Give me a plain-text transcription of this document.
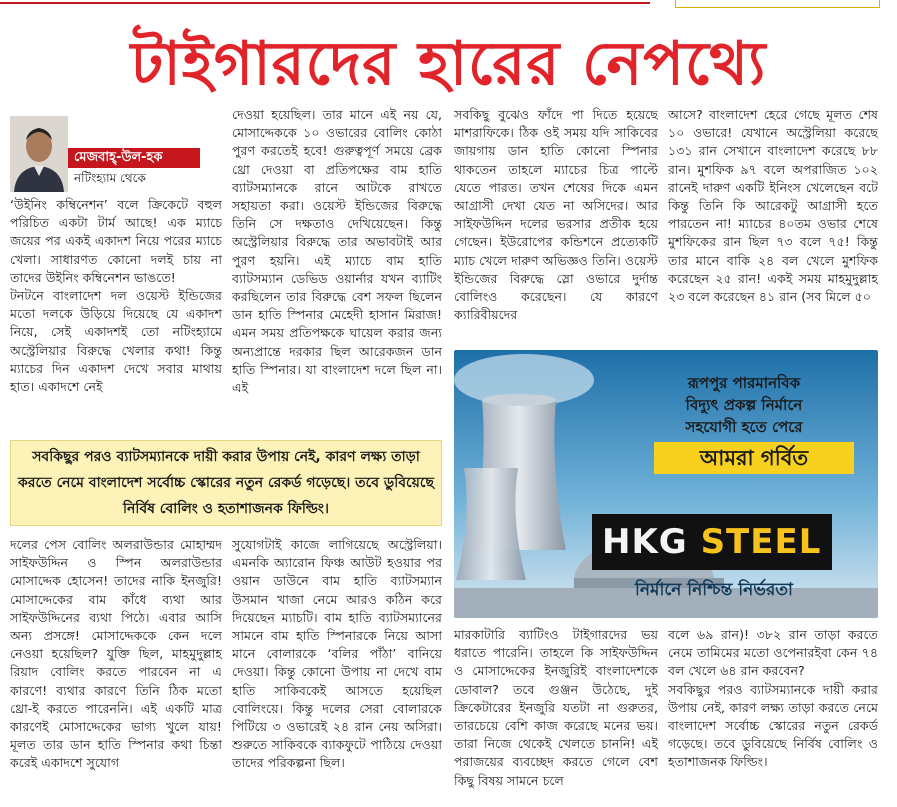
টাইগারদের হারের নেপথ্যে
মেজবাহ্-উল-হক
নটিংহ্যাম থেকে

‘উইনিং কম্বিনেশন’ বলে ক্রিকেটে বহুল পরিচিত একটা টার্ম আছে! এক ম্যাচে জয়ের পর একই একাদশ নিয়ে পরের ম্যাচে খেলা। সাধারণত কোনো দলই চায় না তাদের উইনিং কম্বিনেশন ভাঙতে!

টনটনে বাংলাদেশ দল ওয়েস্ট ইন্ডিজের মতো দলকে উড়িয়ে দিয়েছে যে একাদশ নিয়ে, সেই একাদশই তো নটিংহ্যামে অস্ট্রেলিয়ার বিরুদ্ধে খেলার কথা! কিন্তু ম্যাচের দিন একাদশ দেখে সবার মাথায় হাত। একাদশে নেই

দেওয়া হয়েছিল। তার মানে এই নয় যে, মোসাদ্দেককে ১০ ওভারের বোলিং কোঠা পুরণ করতেই হবে! গুরুত্বপূর্ণ সময়ে ব্রেক থ্রো দেওয়া বা প্রতিপক্ষের বাম হাতি ব্যাটসম্যানকে রানে আটকে রাখতে সহায়তা করা। ওয়েস্ট ইন্ডিজের বিরুদ্ধে তিনি সে দক্ষতাও দেখিয়েছেন। কিন্তু অস্ট্রেলিয়ার বিরুদ্ধে তার অভাবটাই আর পুরণ হয়নি। এই ম্যাচে বাম হাতি ব্যাটসম্যান ডেভিড ওয়ার্নার যখন ব্যাটিং করছিলেন তার বিরুদ্ধে বেশ সফল ছিলেন ডান হাতি স্পিনার মেহেদী হাসান মিরাজ! এমন সময় প্রতিপক্ষকে ঘায়েল করার জন্য অন্যপ্রান্তে দরকার ছিল আরেকজন ডান হাতি স্পিনার। যা বাংলাদেশ দলে ছিল না। এই

সবকিছু বুঝেও ফাঁদে পা দিতে হয়েছে মাশরাফিকে। ঠিক ওই সময় যদি সাকিবের জায়গায় ডান হাতি কোনো স্পিনার থাকতেন তাহলে ম্যাচের চিত্র পাল্টে যেতে পারত। তখন শেষের দিকে এমন আগ্রাসী দেখা যেত না অসিদের। আর সাইফউদ্দিন দলের ভরসার প্রতীক হয়ে গেছেন। ইউরোপের কন্ডিশনে প্রত্যেকটি ম্যাচ খেলে দারুণ অভিজ্ঞও তিনি। ওয়েস্ট ইন্ডিজের বিরুদ্ধে স্লো ওভারে দুর্দান্ত বোলিংও করেছেন। যে কারণে ক্যারিবীয়দের

আসে? বাংলাদেশ হেরে গেছে মূলত শেষ ১০ ওভারে! যেখানে অস্ট্রেলিয়া করেছে ১৩১ রান সেখানে বাংলাদেশ করেছে ৮৮ রান। মুশফিক ৯৭ বলে অপরাজিত ১০২ রানেই দারুণ একটি ইনিংস খেলেছেন বটে কিন্তু তিনি কি আরেকটু আগ্রাসী হতে পারতেন না! ম্যাচের ৪০তম ওভার শেষে মুশফিকের রান ছিল ৭৩ বলে ৭৫! কিন্তু তার মানে বাকি ২৪ বল খেলে মুশফিক করেছেন ২৫ রান! একই সময় মাহমুদুল্লাহ ২৩ বলে করেছেন ৪১ রান (সব মিলে ৫০

সবকিছুর পরও ব্যাটসম্যানকে দায়ী করার উপায় নেই, কারণ লক্ষ্য তাড়া করতে নেমে বাংলাদেশ সর্বোচ্চ স্কোরের নতুন রেকর্ড গড়েছে। তবে ডুবিয়েছে নির্বিষ বোলিং ও হতাশাজনক ফিল্ডিং।

দলের পেস বোলিং অলরাউন্ডার মোহাম্মদ সাইফউদ্দিন ও স্পিন অলরাউন্ডার মোসাদ্দেক হোসেন! তাদের নাকি ইনজুরি! মোসাদ্দেকের বাম কাঁধে ব্যথা আর সাইফউদ্দিনের ব্যথা পিঠে। এবার আসি অন্য প্রসঙ্গে! মোসাদ্দেককে কেন দলে নেওয়া হয়েছিল? যুক্তি ছিল, মাহমুদুল্লাহ রিয়াদ বোলিং করতে পারবেন না এ কারণে! ব্যথার কারণে তিনি ঠিক মতো থ্রো-ই করতে পারেননি। এই একটি মাত্র কারণেই মোসাদ্দেকের ভাগ্য খুলে যায়! মূলত তার ডান হাতি স্পিনার কথা চিন্তা করেই একাদশে সুযোগ

সুযোগটাই কাজে লাগিয়েছে অস্ট্রেলিয়া। এমনকি অ্যারোন ফিঞ্চ আউট হওয়ার পর ওয়ান ডাউনে বাম হাতি ব্যাটসম্যান উসমান খাজা নেমে আরও কঠিন করে দিয়েছেন ম্যাচটি। বাম হাতি ব্যাটসম্যানের সামনে বাম হাতি স্পিনারকে নিয়ে আসা মানে বোলারকে ‘বলির পাঁঠা’ বানিয়ে দেওয়া। কিন্তু কোনো উপায় না দেখে বাম হাতি সাকিবকেই আসতে হয়েছিল বোলিংয়ে। কিন্তু দলের সেরা বোলারকে পিটিয়ে ৩ ওভারেই ২৪ রান নেয় অসিরা। শুরুতে সাকিবকে ব্যাকফুটে পাঠিয়ে দেওয়া তাদের পরিকল্পনা ছিল।

মারকাটারি ব্যাটিংও টাইগারদের ভয় ধরাতে পারেনি। তাহলে কি সাইফউদ্দিন ও মোসাদ্দেকের ইনজুরিই বাংলাদেশকে ডোবাল? তবে গুঞ্জন উঠেছে, দুই ক্রিকেটারের ইনজুরি যতটা না গুরুতর, তারচেয়ে বেশি কাজ করেছে মনের ভয়। তারা নিজে থেকেই খেলতে চাননি! এই পরাজয়ের ব্যবচ্ছেদ করতে গেলে বেশ কিছু বিষয় সামনে চলে

বলে ৬৯ রান)! ৩৮২ রান তাড়া করতে নেমে তামিমের মতো ওপেনারইবা কেন ৭৪ বল খেলে ৬৪ রান করবেন?

সবকিছুর পরও ব্যাটসম্যানকে দায়ী করার উপায় নেই, কারণ লক্ষ্য তাড়া করতে নেমে বাংলাদেশ সর্বোচ্চ স্কোরের নতুন রেকর্ড গড়েছে। তবে ডুবিয়েছে নির্বিষ বোলিং ও হতাশাজনক ফিল্ডিং।

রূপপুর পারমানবিক
বিদ্যুৎ প্রকল্প নির্মানে
সহযোগী হতে পেরে
আমরা গর্বিত
HKG STEEL
নির্মানে নিশ্চিন্ত নির্ভরতা
